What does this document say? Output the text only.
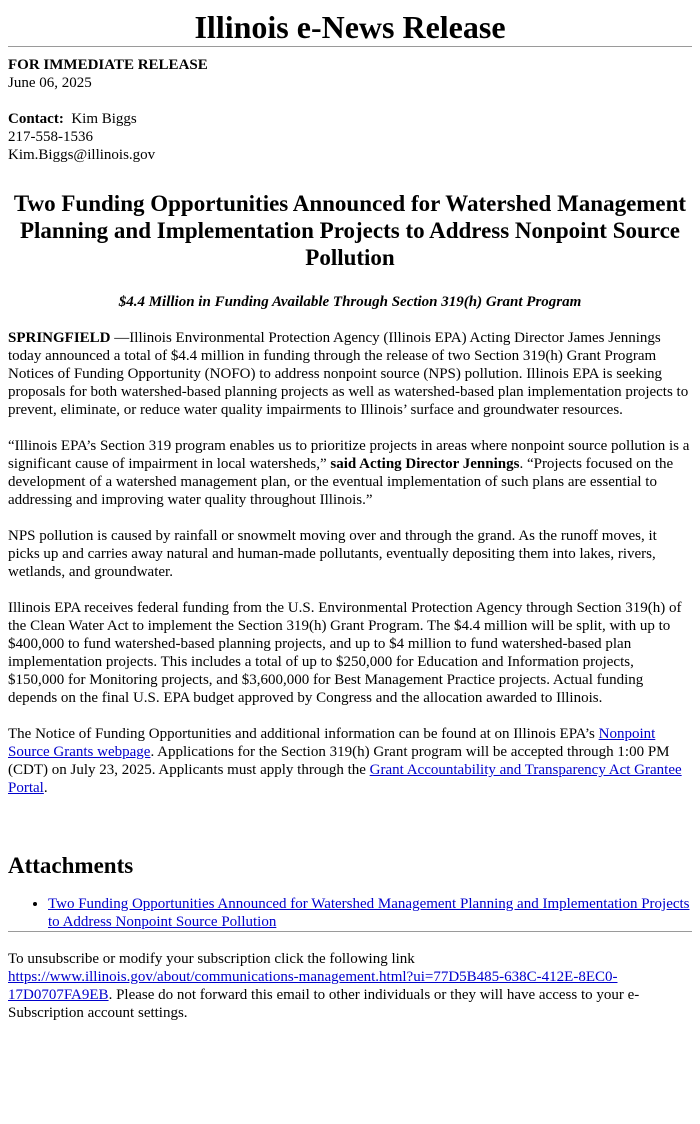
Illinois e-News Release
FOR IMMEDIATE RELEASE
June 06, 2025
Contact: Kim Biggs
217-558-1536
Kim.Biggs@illinois.gov
Two Funding Opportunities Announced for Watershed Management Planning and Implementation Projects to Address Nonpoint Source Pollution
$4.4 Million in Funding Available Through Section 319(h) Grant Program

SPRINGFIELD —Illinois Environmental Protection Agency (Illinois EPA) Acting Director James Jennings today announced a total of $4.4 million in funding through the release of two Section 319(h) Grant Program Notices of Funding Opportunity (NOFO) to address nonpoint source (NPS) pollution. Illinois EPA is seeking proposals for both watershed-based planning projects as well as watershed-based plan implementation projects to prevent, eliminate, or reduce water quality impairments to Illinois’ surface and groundwater resources.

“Illinois EPA’s Section 319 program enables us to prioritize projects in areas where nonpoint source pollution is a significant cause of impairment in local watersheds,” said Acting Director Jennings. “Projects focused on the development of a watershed management plan, or the eventual implementation of such plans are essential to addressing and improving water quality throughout Illinois.”

NPS pollution is caused by rainfall or snowmelt moving over and through the grand. As the runoff moves, it picks up and carries away natural and human-made pollutants, eventually depositing them into lakes, rivers, wetlands, and groundwater.

Illinois EPA receives federal funding from the U.S. Environmental Protection Agency through Section 319(h) of the Clean Water Act to implement the Section 319(h) Grant Program. The $4.4 million will be split, with up to $400,000 to fund watershed-based planning projects, and up to $4 million to fund watershed-based plan implementation projects. This includes a total of up to $250,000 for Education and Information projects, $150,000 for Monitoring projects, and $3,600,000 for Best Management Practice projects. Actual funding depends on the final U.S. EPA budget approved by Congress and the allocation awarded to Illinois.

The Notice of Funding Opportunities and additional information can be found at on Illinois EPA’s Nonpoint Source Grants webpage. Applications for the Section 319(h) Grant program will be accepted through 1:00 PM (CDT) on July 23, 2025. Applicants must apply through the Grant Accountability and Transparency Act Grantee Portal.

Attachments
• Two Funding Opportunities Announced for Watershed Management Planning and Implementation Projects to Address Nonpoint Source Pollution
To unsubscribe or modify your subscription click the following link
https://www.illinois.gov/about/communications-management.html?ui=77D5B485-638C-412E-8EC0-17D0707FA9EB. Please do not forward this email to other individuals or they will have access to your e-Subscription account settings.
